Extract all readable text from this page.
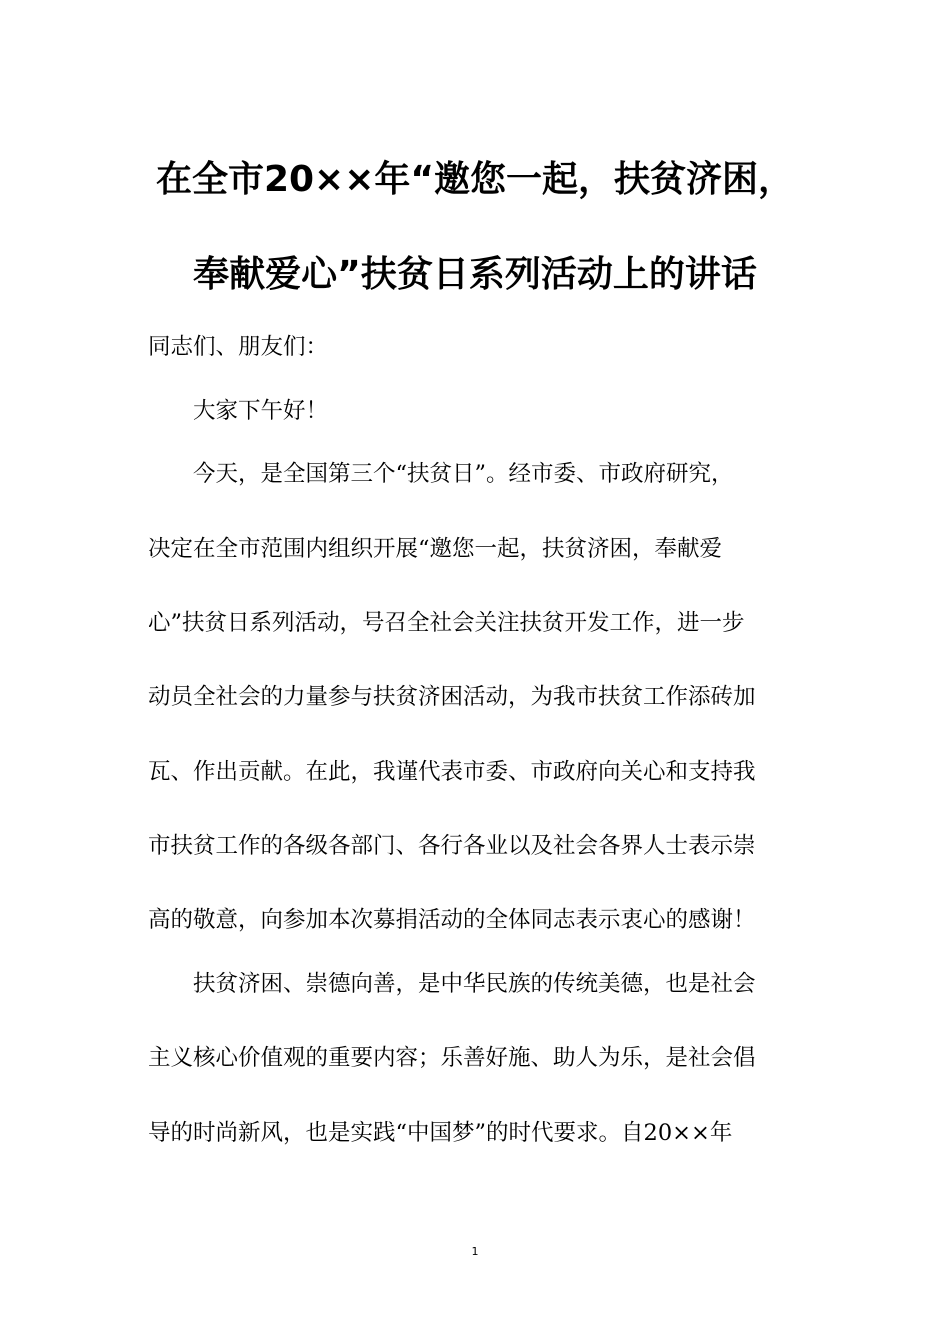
在全市20××年“邀您一起，扶贫济困，
奉献爱心”扶贫日系列活动上的讲话

同志们、朋友们：

大家下午好！

今天，是全国第三个“扶贫日”。经市委、市政府研究，

决定在全市范围内组织开展“邀您一起，扶贫济困，奉献爱

心”扶贫日系列活动，号召全社会关注扶贫开发工作，进一步

动员全社会的力量参与扶贫济困活动，为我市扶贫工作添砖加

瓦、作出贡献。在此，我谨代表市委、市政府向关心和支持我

市扶贫工作的各级各部门、各行各业以及社会各界人士表示崇

高的敬意，向参加本次募捐活动的全体同志表示衷心的感谢！

扶贫济困、崇德向善，是中华民族的传统美德，也是社会

主义核心价值观的重要内容；乐善好施、助人为乐，是社会倡

导的时尚新风，也是实践“中国梦”的时代要求。自20××年

1
